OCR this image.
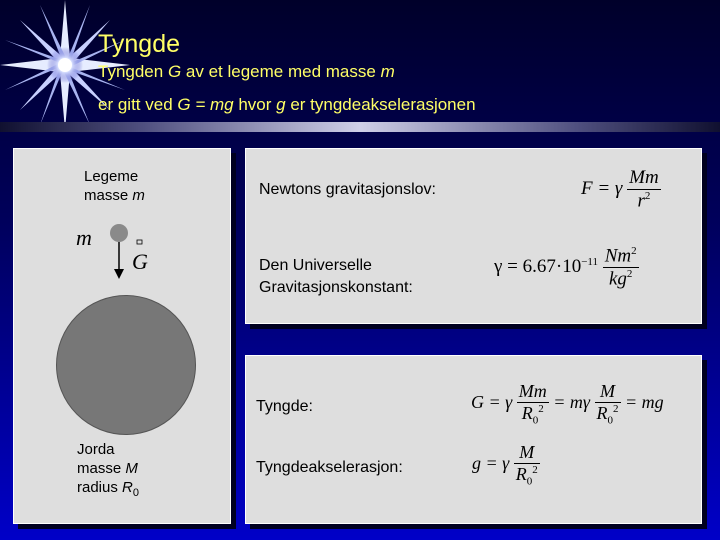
Tyngde
Tyngden G av et legeme med masse m
er gitt ved G = mg hvor g er tyngdeakselerasjonen
Legeme
masse m
m
G
Jorda
masse M
radius $R_0$
Newtons gravitasjonslov:	F = γ $\frac{Mm}{r^2}$
Den Universelle
Gravitasjonskonstant:
$\gamma = 6.67\cdot 10^{-11} \frac{Nm^2}{kg^2}$
Tyngde:	G = γ $\frac{Mm}{R_0^2} = m\gamma \frac{M}{R_0^2}$ = mg
Tyngdeakselerasjon:	g = γ $\frac{M}{R_0^2}$
